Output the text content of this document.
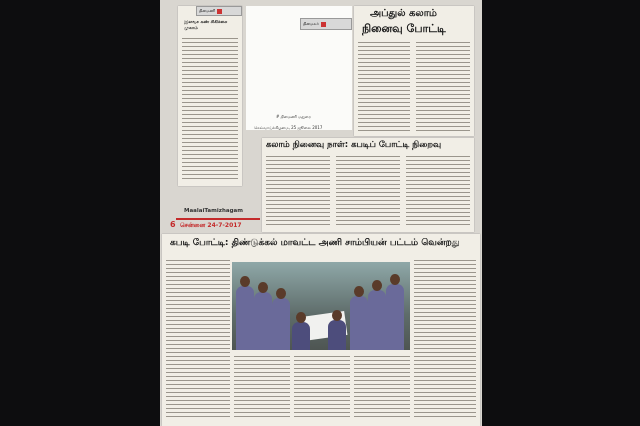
தினமணி
இலவச கண் சிகிச்சை முகாம்
தினமலர்
அப்துல் கலாம்
நினைவு போட்டி
# தினமணி மதுரை
செவ்வாய்க்கிழமை, 25 ஜூலை 2017
கலாம் நினைவு நாள்: கபடிப் போட்டி நிறைவு
MaalaiTamizhagam
6 சென்னை 24-7-2017
கபடி போட்டி: திண்டுக்கல் மாவட்ட அணி சாம்பியன் பட்டம் வென்றது
